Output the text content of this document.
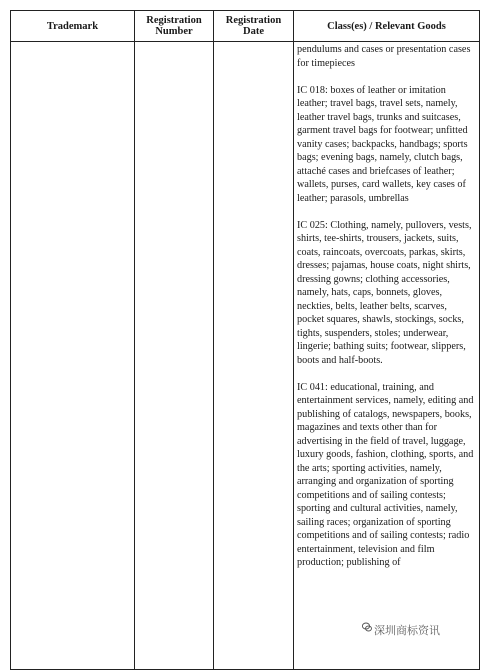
Trademark	Registration Number	Registration Date	Class(es) / Relevant Goods

			pendulums and cases or presentation cases for timepieces

IC 018: boxes of leather or imitation leather; travel bags, travel sets, namely, leather travel bags, trunks and suitcases, garment travel bags for footwear; unfitted vanity cases; backpacks, handbags; sports bags; evening bags, namely, clutch bags, attaché cases and briefcases of leather; wallets, purses, card wallets, key cases of leather; parasols, umbrellas

IC 025: Clothing, namely, pullovers, vests, shirts, tee-shirts, trousers, jackets, suits, coats, raincoats, overcoats, parkas, skirts, dresses; pajamas, house coats, night shirts, dressing gowns; clothing accessories, namely, hats, caps, bonnets, gloves, neckties, belts, leather belts, scarves, pocket squares, shawls, stockings, socks, tights, suspenders, stoles; underwear, lingerie; bathing suits; footwear, slippers, boots and half-boots.

IC 041: educational, training, and entertainment services, namely, editing and publishing of catalogs, newspapers, books, magazines and texts other than for advertising in the field of travel, luggage, luxury goods, fashion, clothing, sports, and the arts; sporting activities, namely, arranging and organization of sporting competitions and of sailing contests; sporting and cultural activities, namely, sailing races; organization of sporting competitions and of sailing contests; radio entertainment, television and film production; publishing of

深圳商标资讯
